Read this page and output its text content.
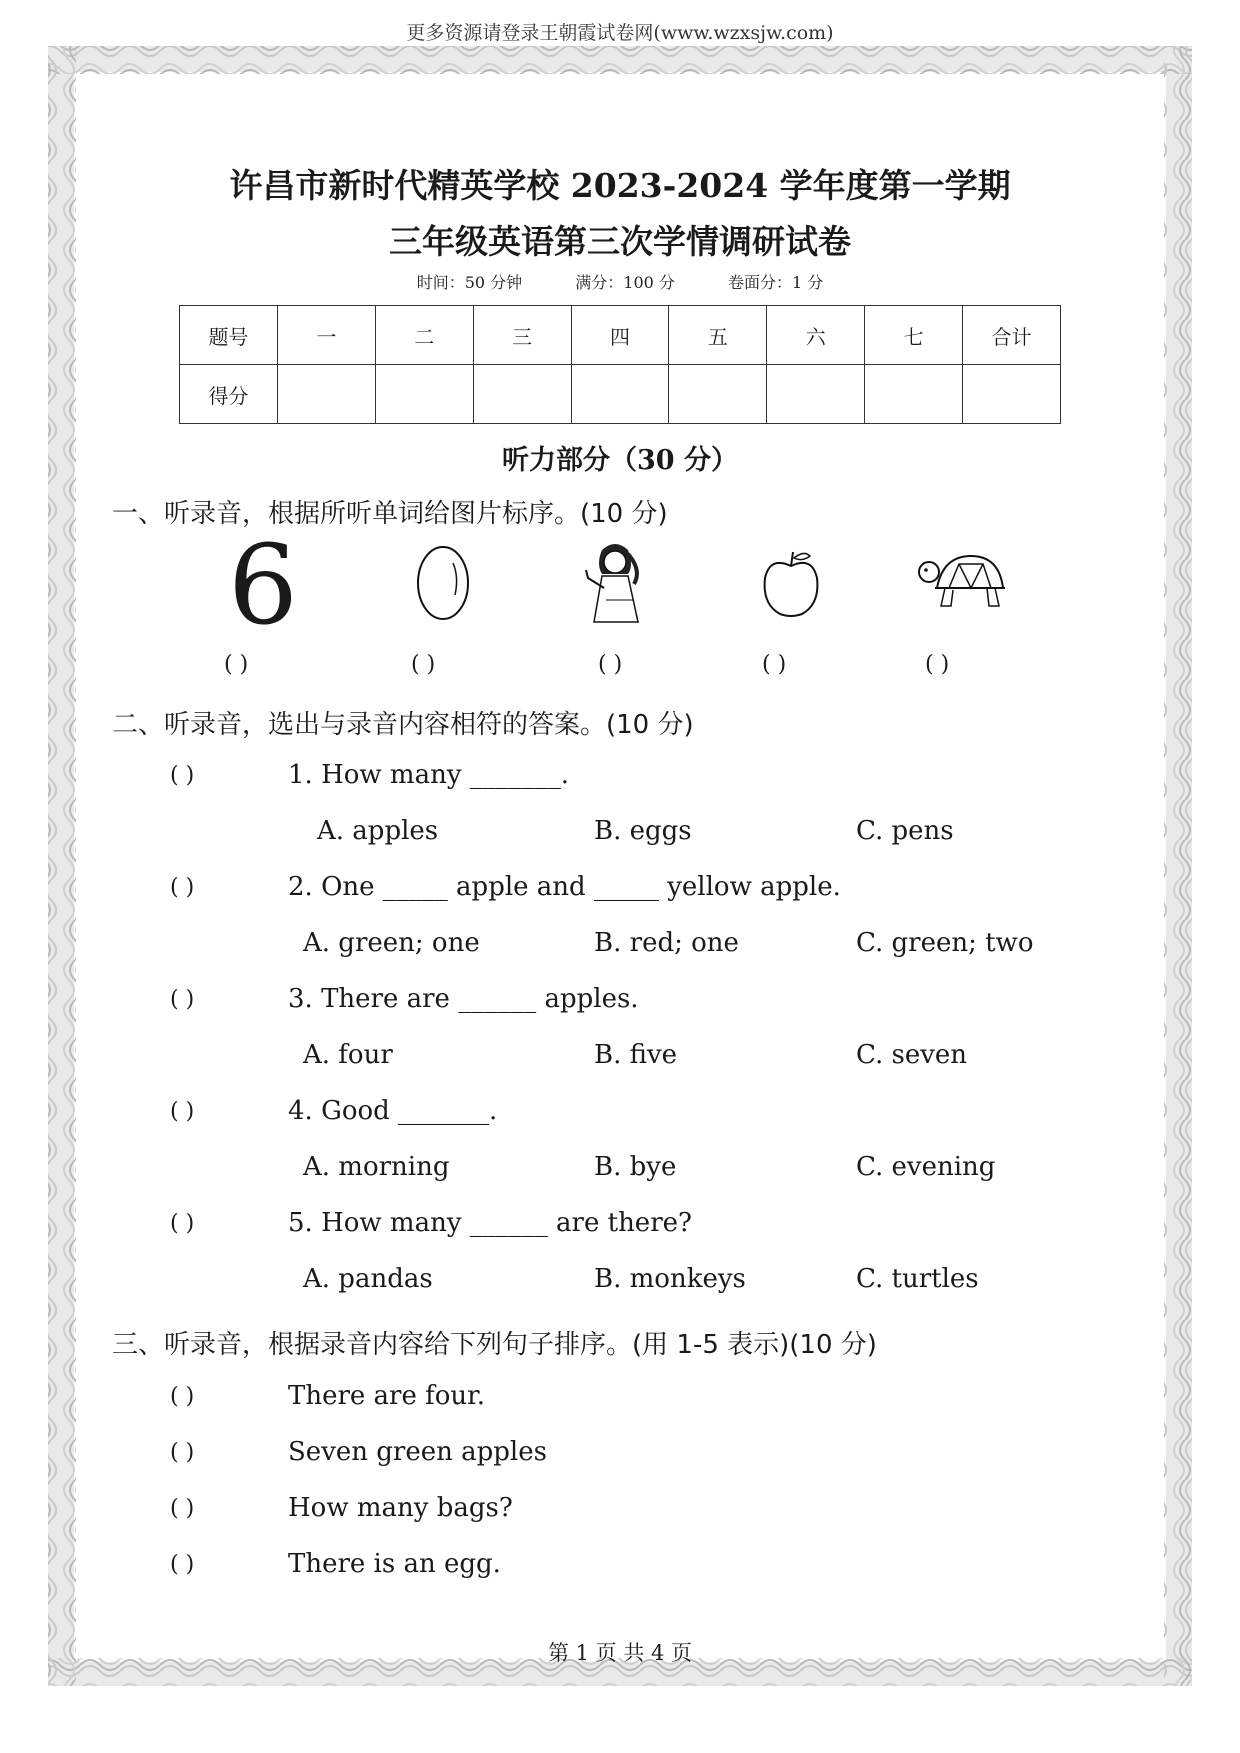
更多资源请登录王朝霞试卷网(www.wzxsjw.com)
许昌市新时代精英学校 2023-2024 学年度第一学期
三年级英语第三次学情调研试卷
时间：50 分钟	满分：100 分	卷面分：1 分
题号	一	二	三	四	五	六	七	合计
得分								
听力部分（30 分）
一、听录音，根据所听单词给图片标序。(10 分)
6
( )	( )	( )	( )	( )
二、听录音，选出与录音内容相符的答案。(10 分)
( )	1. How many _______.
A. apples	B. eggs	C. pens
( )	2. One _____ apple and _____ yellow apple.
A. green; one	B. red; one	C. green; two
( )	3. There are ______ apples.
A. four	B. five	C. seven
( )	4. Good _______.
A. morning	B. bye	C. evening
( )	5. How many ______ are there?
A. pandas	B. monkeys	C. turtles
三、听录音，根据录音内容给下列句子排序。(用 1-5 表示)(10 分)
( )	There are four.
( )	Seven green apples
( )	How many bags?
( )	There is an egg.
第 1 页 共 4 页
